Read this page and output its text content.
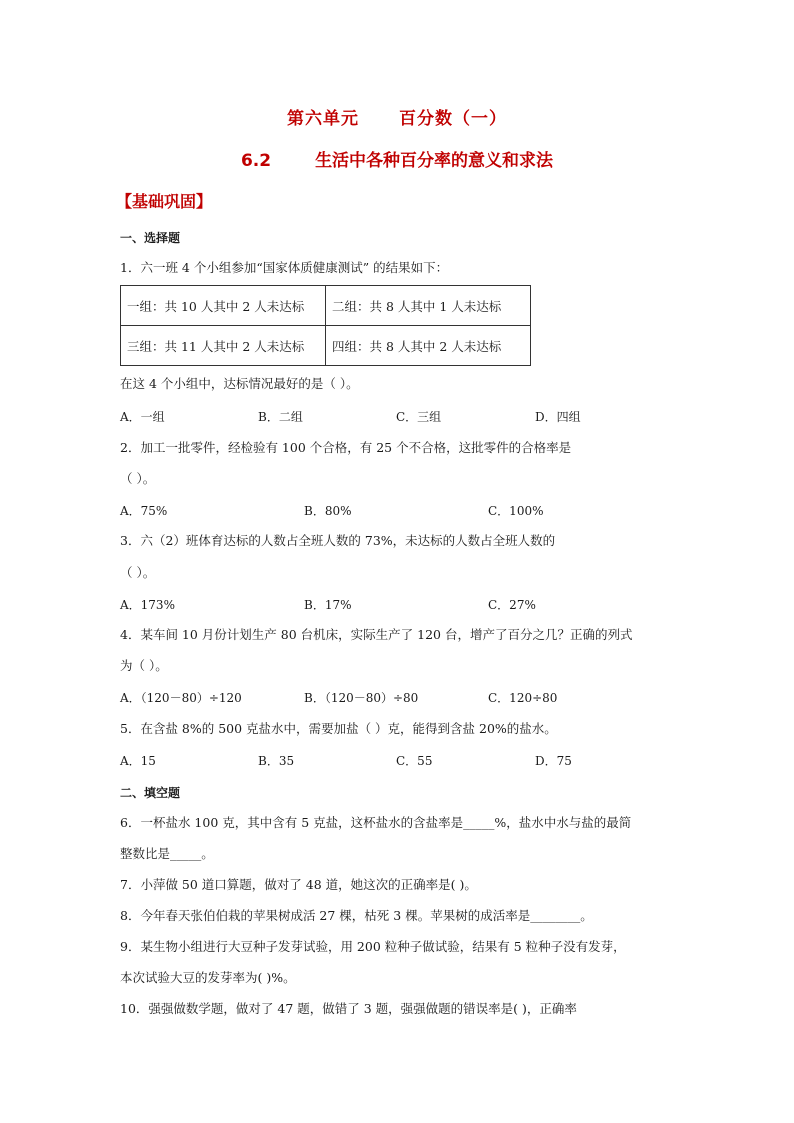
第六单元 百分数（一）
6.2	生活中各种百分率的意义和求法
【基础巩固】
一、选择题
1．六一班 4 个小组参加“国家体质健康测试” 的结果如下：
一组：共 10 人其中 2 人未达标	二组：共 8 人其中 1 人未达标
三组：共 11 人其中 2 人未达标	四组：共 8 人其中 2 人未达标
在这 4 个小组中，达标情况最好的是（ ）。
A．一组	B．二组	C．三组	D．四组
2．加工一批零件，经检验有 100 个合格，有 25 个不合格，这批零件的合格率是
（ ）。
A．75%	B．80%	C．100%
3．六（2）班体育达标的人数占全班人数的 73%，未达标的人数占全班人数的
（ ）。
A．173%	B．17%	C．27%
4．某车间 10 月份计划生产 80 台机床，实际生产了 120 台，增产了百分之几？正确的列式
为（ ）。
A．（120－80）÷120	B．（120－80）÷80	C．120÷80
5．在含盐 8%的 500 克盐水中，需要加盐（ ）克，能得到含盐 20%的盐水。
A．15	B．35	C．55	D．75
二、填空题
6．一杯盐水 100 克，其中含有 5 克盐，这杯盐水的含盐率是_____%，盐水中水与盐的最简
整数比是_____。
7．小萍做 50 道口算题，做对了 48 道，她这次的正确率是( )。
8．今年春天张伯伯栽的苹果树成活 27 棵，枯死 3 棵。苹果树的成活率是________。
9．某生物小组进行大豆种子发芽试验，用 200 粒种子做试验，结果有 5 粒种子没有发芽，
本次试验大豆的发芽率为( )%。
10．强强做数学题，做对了 47 题，做错了 3 题，强强做题的错误率是( )，正确率
